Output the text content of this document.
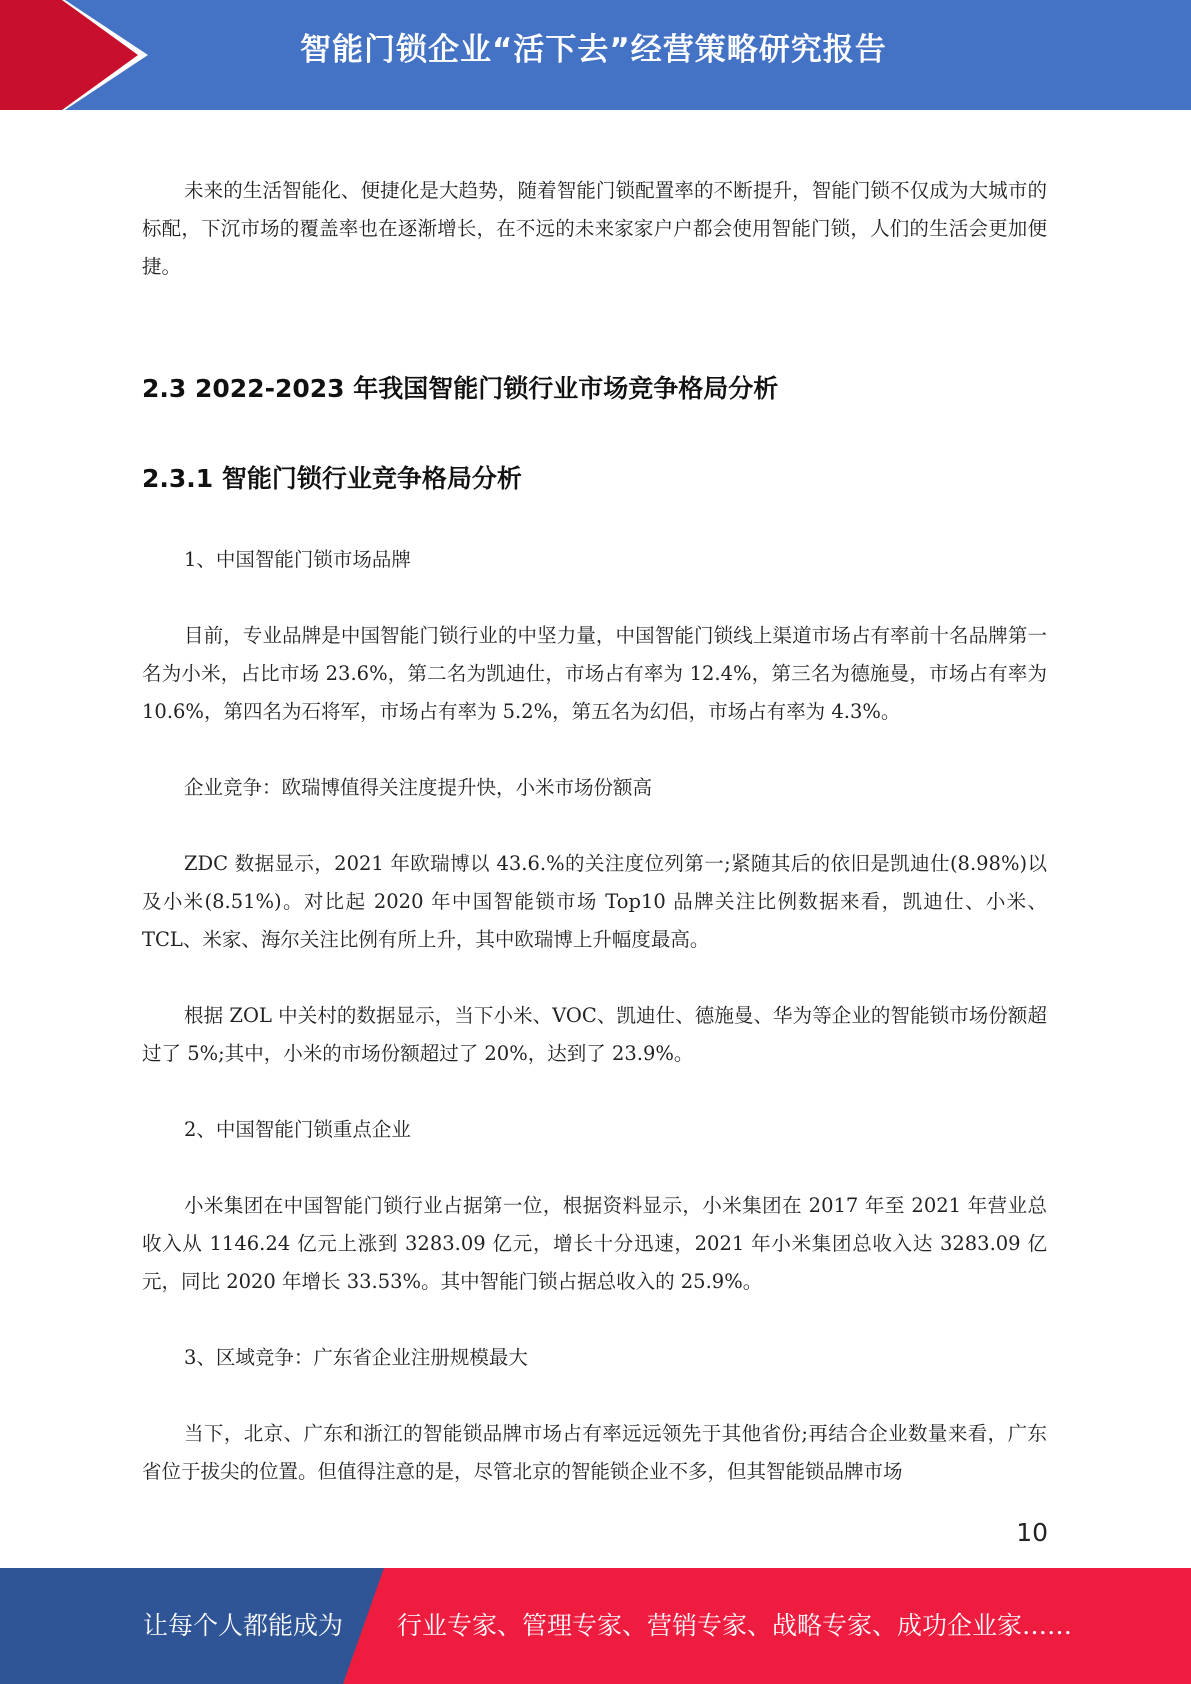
智能门锁企业“活下去”经营策略研究报告

未来的生活智能化、便捷化是大趋势，随着智能门锁配置率的不断提升，智能门锁不仅成为大城市的标配，下沉市场的覆盖率也在逐渐增长，在不远的未来家家户户都会使用智能门锁，人们的生活会更加便捷。

2.3 2022-2023 年我国智能门锁行业市场竞争格局分析
2.3.1 智能门锁行业竞争格局分析

1、中国智能门锁市场品牌

目前，专业品牌是中国智能门锁行业的中坚力量，中国智能门锁线上渠道市场占有率前十名品牌第一名为小米，占比市场 23.6%，第二名为凯迪仕，市场占有率为 12.4%，第三名为德施曼，市场占有率为 10.6%，第四名为石将军，市场占有率为 5.2%，第五名为幻侣，市场占有率为 4.3%。

企业竞争：欧瑞博值得关注度提升快，小米市场份额高

ZDC 数据显示，2021 年欧瑞博以 43.6.%的关注度位列第一;紧随其后的依旧是凯迪仕(8.98%)以及小米(8.51%)。对比起 2020 年中国智能锁市场 Top10 品牌关注比例数据来看，凯迪仕、小米、TCL、米家、海尔关注比例有所上升，其中欧瑞博上升幅度最高。

根据 ZOL 中关村的数据显示，当下小米、VOC、凯迪仕、德施曼、华为等企业的智能锁市场份额超过了 5%;其中，小米的市场份额超过了 20%，达到了 23.9%。

2、中国智能门锁重点企业

小米集团在中国智能门锁行业占据第一位，根据资料显示，小米集团在 2017 年至 2021 年营业总收入从 1146.24 亿元上涨到 3283.09 亿元，增长十分迅速，2021 年小米集团总收入达 3283.09 亿元，同比 2020 年增长 33.53%。其中智能门锁占据总收入的 25.9%。

3、区域竞争：广东省企业注册规模最大

当下，北京、广东和浙江的智能锁品牌市场占有率远远领先于其他省份;再结合企业数量来看，广东省位于拔尖的位置。但值得注意的是，尽管北京的智能锁企业不多，但其智能锁品牌市场

10
让每个人都能成为 行业专家、管理专家、营销专家、战略专家、成功企业家……
